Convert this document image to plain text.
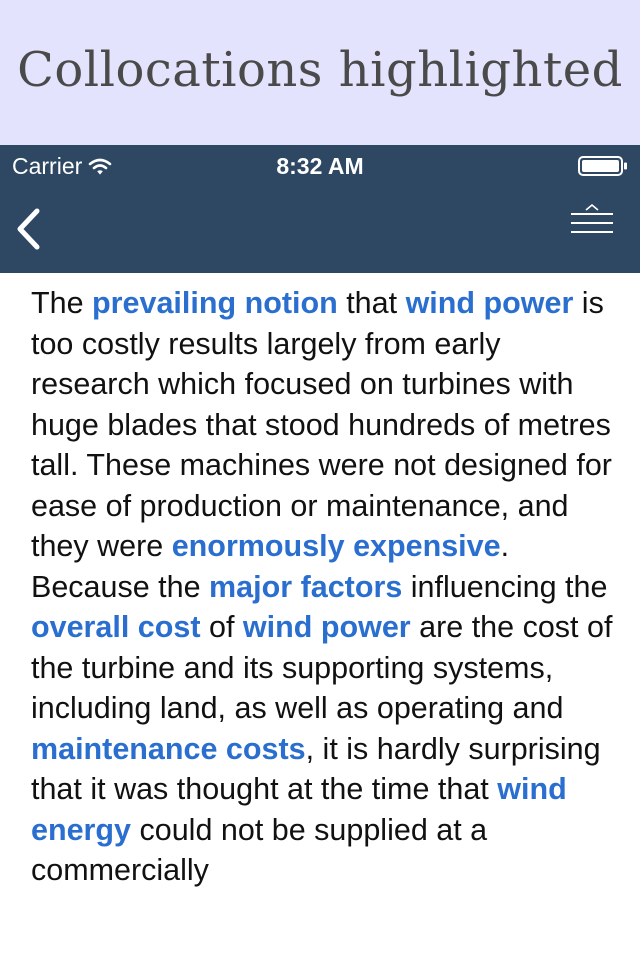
Collocations highlighted
Carrier	8:32 AM

The prevailing notion that wind power is too costly results largely from early research which focused on turbines with huge blades that stood hundreds of metres tall. These machines were not designed for ease of production or maintenance, and they were enormously expensive. Because the major factors influencing the overall cost of wind power are the cost of the turbine and its supporting systems, including land, as well as operating and maintenance costs, it is hardly surprising that it was thought at the time that wind energy could not be supplied at a commercially
